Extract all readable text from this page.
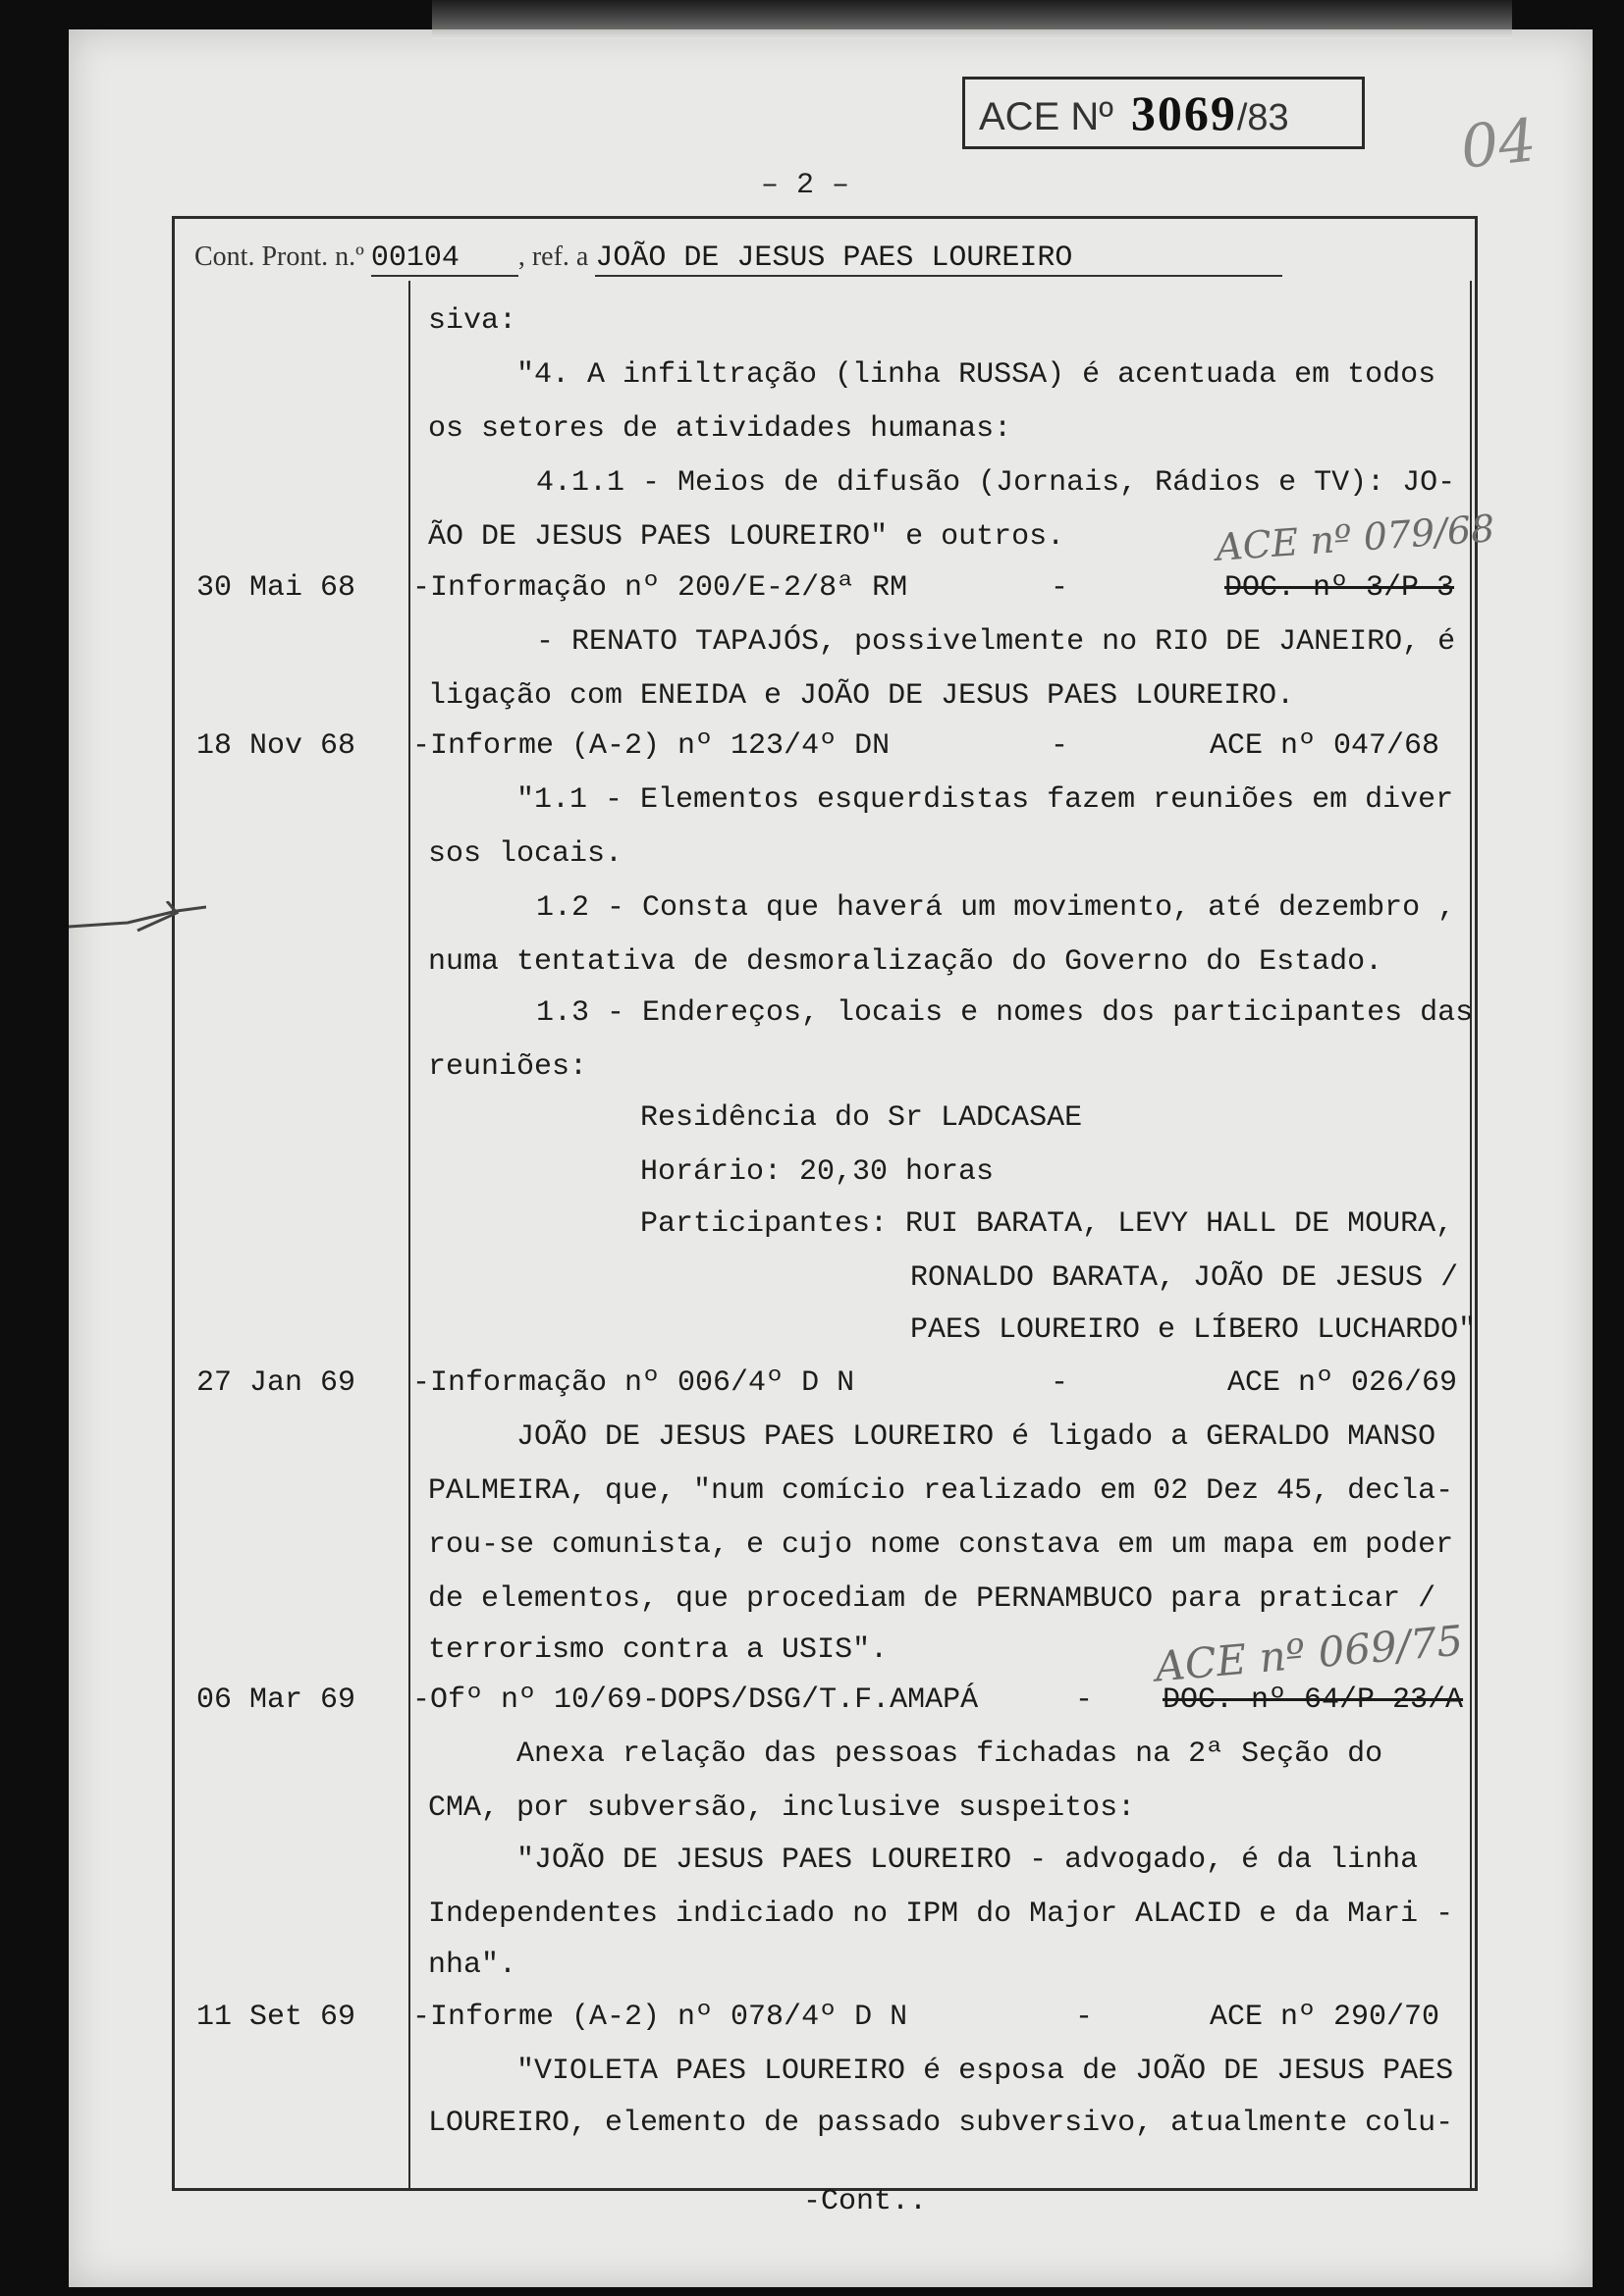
ACE Nº 3069/83	04
– 2 –
Cont. Pront. n.º 00104 , ref. a JOÃO DE JESUS PAES LOUREIRO
siva:
"4. A infiltração (linha RUSSA) é acentuada em todos
os setores de atividades humanas:
4.1.1 - Meios de difusão (Jornais, Rádios e TV): JO-
ÃO DE JESUS PAES LOUREIRO" e outros.	ACE nº 079/68
30 Mai 68 -Informação nº 200/E-2/8ª RM	-	DOC. nº 3/P-3
- RENATO TAPAJÓS, possivelmente no RIO DE JANEIRO, é
ligação com ENEIDA e JOÃO DE JESUS PAES LOUREIRO.
18 Nov 68 -Informe (A-2) nº 123/4º DN	-	ACE nº 047/68
"1.1 - Elementos esquerdistas fazem reuniões em diver
sos locais.
1.2 - Consta que haverá um movimento, até dezembro ,
numa tentativa de desmoralização do Governo do Estado.
1.3 - Endereços, locais e nomes dos participantes das
reuniões:
Residência do Sr LADCASAE
Horário: 20,30 horas
Participantes: RUI BARATA, LEVY HALL DE MOURA,
RONALDO BARATA, JOÃO DE JESUS /
PAES LOUREIRO e LÍBERO LUCHARDO"
27 Jan 69 -Informação nº 006/4º D N	-	ACE nº 026/69
JOÃO DE JESUS PAES LOUREIRO é ligado a GERALDO MANSO
PALMEIRA, que, "num comício realizado em 02 Dez 45, decla-
rou-se comunista, e cujo nome constava em um mapa em poder
de elementos, que procediam de PERNAMBUCO para praticar /
terrorismo contra a USIS".	ACE nº 069/75
06 Mar 69 -Ofº nº 10/69-DOPS/DSG/T.F.AMAPÁ	- DOC. nº 64/P-23/A
Anexa relação das pessoas fichadas na 2ª Seção do
CMA, por subversão, inclusive suspeitos:
"JOÃO DE JESUS PAES LOUREIRO - advogado, é da linha
Independentes indiciado no IPM do Major ALACID e da Mari -
nha".
11 Set 69 -Informe (A-2) nº 078/4º D N	-	ACE nº 290/70
"VIOLETA PAES LOUREIRO é esposa de JOÃO DE JESUS PAES
LOUREIRO, elemento de passado subversivo, atualmente colu-
-Cont..
